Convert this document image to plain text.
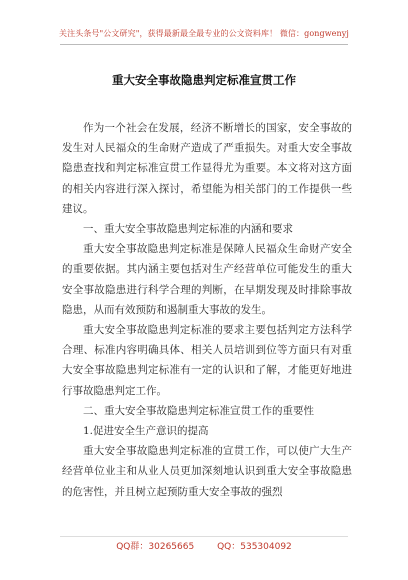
关注头条号"公文研究"，获得最新最全最专业的公文资料库！ 微信：gongwenyj
重大安全事故隐患判定标准宣贯工作

作为一个社会在发展，经济不断增长的国家，安全事故的发生对人民福众的生命财产造成了严重损失。对重大安全事故隐患查找和判定标准宣贯工作显得尤为重要。本文将对这方面的相关内容进行深入探讨，希望能为相关部门的工作提供一些建议。

一、重大安全事故隐患判定标准的内涵和要求

重大安全事故隐患判定标准是保障人民福众生命财产安全的重要依据。其内涵主要包括对生产经营单位可能发生的重大安全事故隐患进行科学合理的判断，在早期发现及时排除事故隐患，从而有效预防和遏制重大事故的发生。

重大安全事故隐患判定标准的要求主要包括判定方法科学合理、标准内容明确具体、相关人员培训到位等方面只有对重大安全事故隐患判定标准有一定的认识和了解，才能更好地进行事故隐患判定工作。

二、重大安全事故隐患判定标准宣贯工作的重要性

1.促进安全生产意识的提高

重大安全事故隐患判定标准的宣贯工作，可以使广大生产经营单位业主和从业人员更加深刻地认识到重大安全事故隐患的危害性，并且树立起预防重大安全事故的强烈

QQ群：30265665	QQ：535304092
